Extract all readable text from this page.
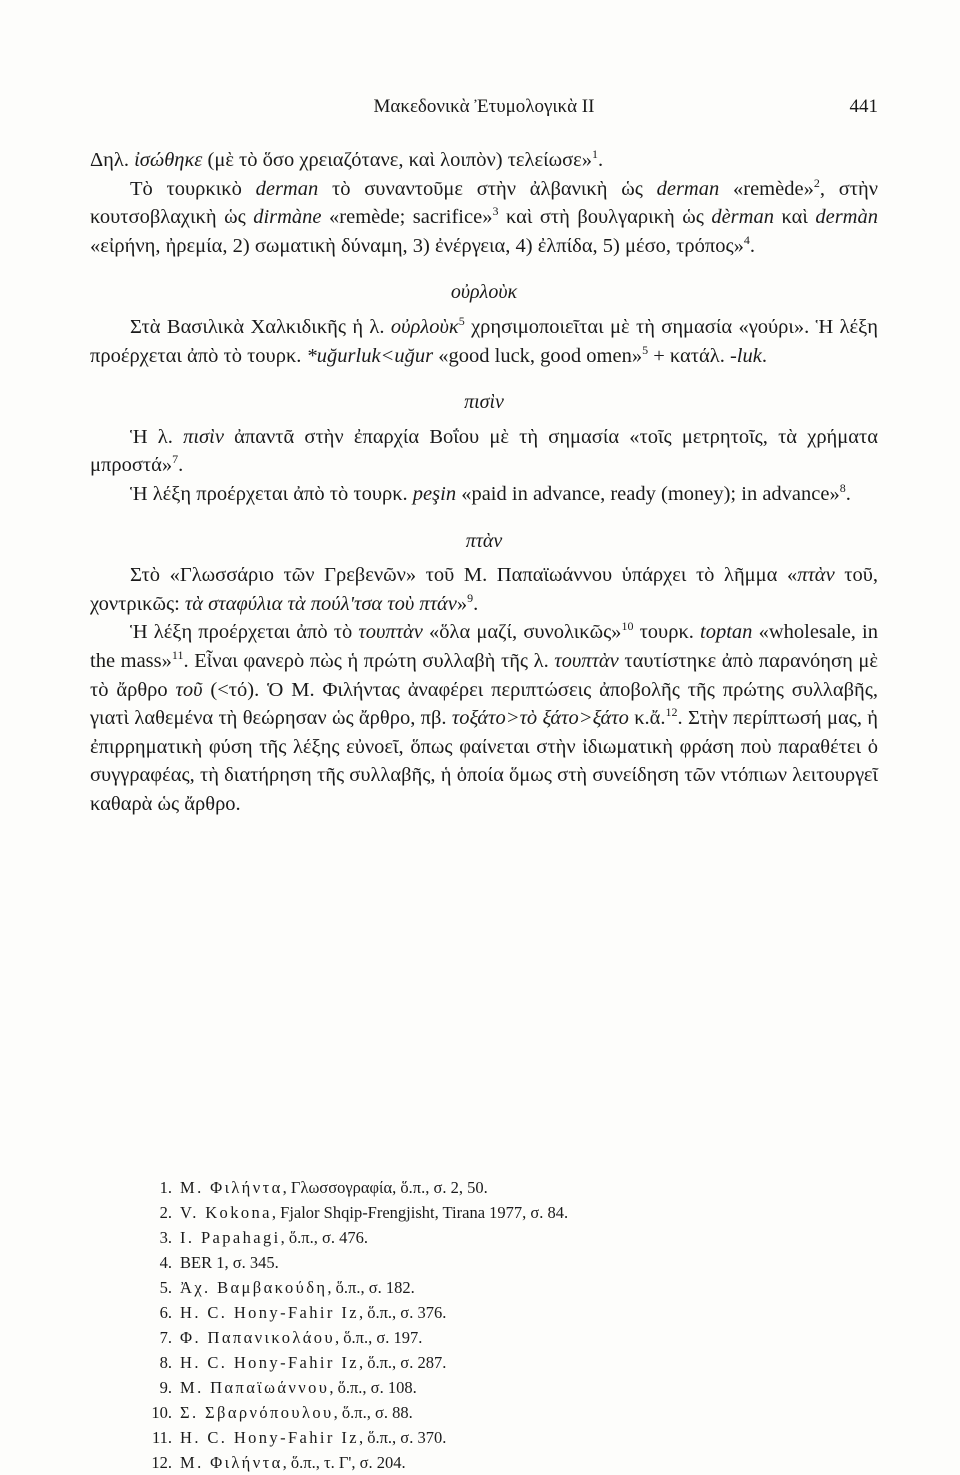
Μακεδονικὰ Ἐτυμολογικὰ ΙΙ	441

Δηλ. ἰσώθηκε (μὲ τὸ ὅσο χρειαζότανε, καὶ λοιπὸν) τελείωσε»$^1$.

Τὸ τουρκικὸ derman τὸ συναντοῦμε στὴν ἀλβανικὴ ὡς derman «remède»$^2$, στὴν κουτσοβλαχικὴ ὡς dirmàne «remède; sacrifice»$^3$ καὶ στὴ βουλγαρικὴ ὡς dèrman καὶ dermàn «εἰρήνη, ἠρεμία, 2) σωματικὴ δύναμη, 3) ἐνέργεια, 4) ἐλπίδα, 5) μέσο, τρόπος»$^4$.

οὐρλοὺκ

Στὰ Βασιλικὰ Χαλκιδικῆς ἡ λ. οὐρλοὺκ$^5$ χρησιμοποιεῖται μὲ τὴ σημασία «γούρι». Ἡ λέξη προέρχεται ἀπὸ τὸ τουρκ. *uğurluk<uğur «good luck, good omen»$^5$ + κατάλ. -luk.

πισὶν

Ἡ λ. πισὶν ἀπαντᾶ στὴν ἐπαρχία Βοΐου μὲ τὴ σημασία «τοῖς μετρητοῖς, τὰ χρήματα μπροστά»$^7$.

Ἡ λέξη προέρχεται ἀπὸ τὸ τουρκ. peşin «paid in advance, ready (money); in advance»$^8$.

πτὰν

Στὸ «Γλωσσάριο τῶν Γρεβενῶν» τοῦ Μ. Παπαϊωάννου ὑπάρχει τὸ λῆμμα «πτὰν τοῦ, χοντρικῶς: τὰ σταφύλια τὰ πούλ'τσα τοὺ πτάν»$^9$.

Ἡ λέξη προέρχεται ἀπὸ τὸ τουπτὰν «ὅλα μαζί, συνολικῶς»$^{10}$ τουρκ. toptan «wholesale, in the mass»$^{11}$. Εἶναι φανερὸ πὼς ἡ πρώτη συλλαβὴ τῆς λ. τουπτὰν ταυτίστηκε ἀπὸ παρανόηση μὲ τὸ ἄρθρο τοῦ (<τό). Ὁ Μ. Φιλήντας ἀναφέρει περιπτώσεις ἀποβολῆς τῆς πρώτης συλλαβῆς, γιατὶ λαθεμένα τὴ θεώρησαν ὡς ἄρθρο, πβ. τοξάτο>τὸ ξάτο>ξάτο κ.ἄ.$^{12}$. Στὴν περίπτωσή μας, ἡ ἐπιρρηματικὴ φύση τῆς λέξης εὐνοεῖ, ὅπως φαίνεται στὴν ἰδιωματικὴ φράση ποὺ παραθέτει ὁ συγγραφέας, τὴ διατήρηση τῆς συλλαβῆς, ἡ ὁποία ὅμως στὴ συνείδηση τῶν ντόπιων λειτουργεῖ καθαρὰ ὡς ἄρθρο.

1. Μ. Φιλήντα, Γλωσσογραφία, ὅ.π., σ. 2, 50.
2. V. Kokona, Fjalor Shqip-Frengjisht, Tirana 1977, σ. 84.
3. I. Papahagi, ὅ.π., σ. 476.
4. BER 1, σ. 345.
5. Ἀχ. Βαμβακούδη, ὅ.π., σ. 182.
6. H. C. Hony-Fahir Iz, ὅ.π., σ. 376.
7. Φ. Παπανικολάου, ὅ.π., σ. 197.
8. H. C. Hony-Fahir Iz, ὅ.π., σ. 287.
9. Μ. Παπαϊωάννου, ὅ.π., σ. 108.
10. Σ. Σβαρνόπουλου, ὅ.π., σ. 88.
11. H. C. Hony-Fahir Iz, ὅ.π., σ. 370.
12. Μ. Φιλήντα, ὅ.π., τ. Γ', σ. 204.
